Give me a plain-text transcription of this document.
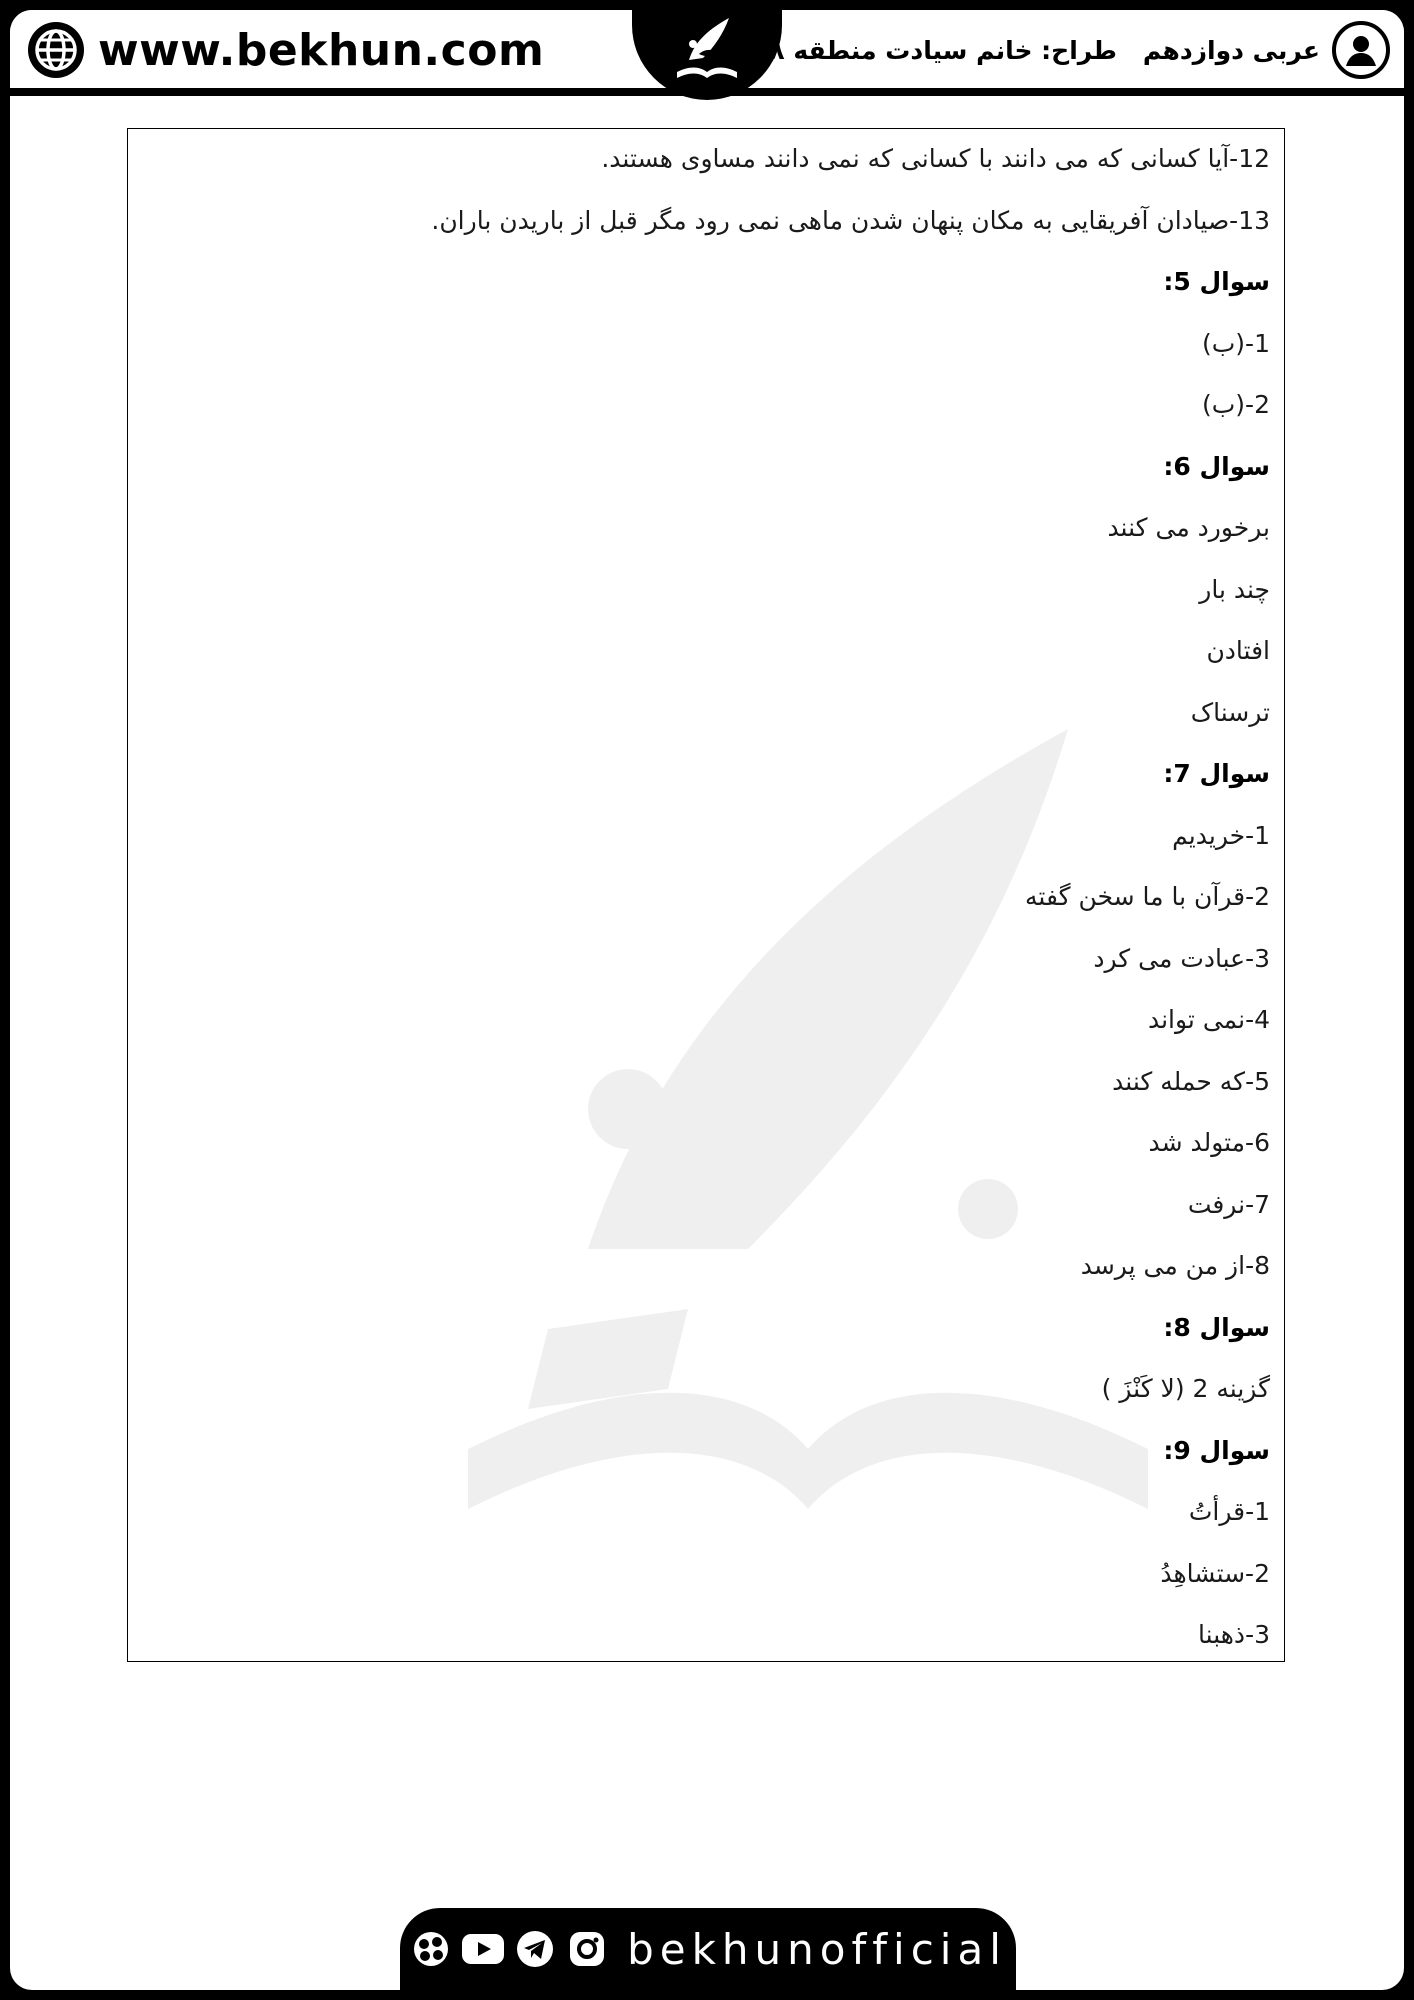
www.bekhun.com	عربی دوازدهمطراح: خانم سیادت منطقه ۸
12-آیا کسانی که می دانند با کسانی که نمی دانند مساوی هستند.
13-صیادان آفریقایی به مکان پنهان شدن ماهی نمی رود مگر قبل از باریدن باران.
سوال 5:
1-(ب)
2-(ب)
سوال 6:
برخورد می کنند
چند بار
افتادن
ترسناک
سوال 7:
1-خریدیم
2-قرآن با ما سخن گفته
3-عبادت می کرد
4-نمی تواند
5-که حمله کنند
6-متولد شد
7-نرفت
8-از من می پرسد
سوال 8:
گزینه 2 (لا كَنْزَ )
سوال 9:
1-قرأتُ
2-ستشاهِدُ
3-ذهبنا
bekhunofficial
